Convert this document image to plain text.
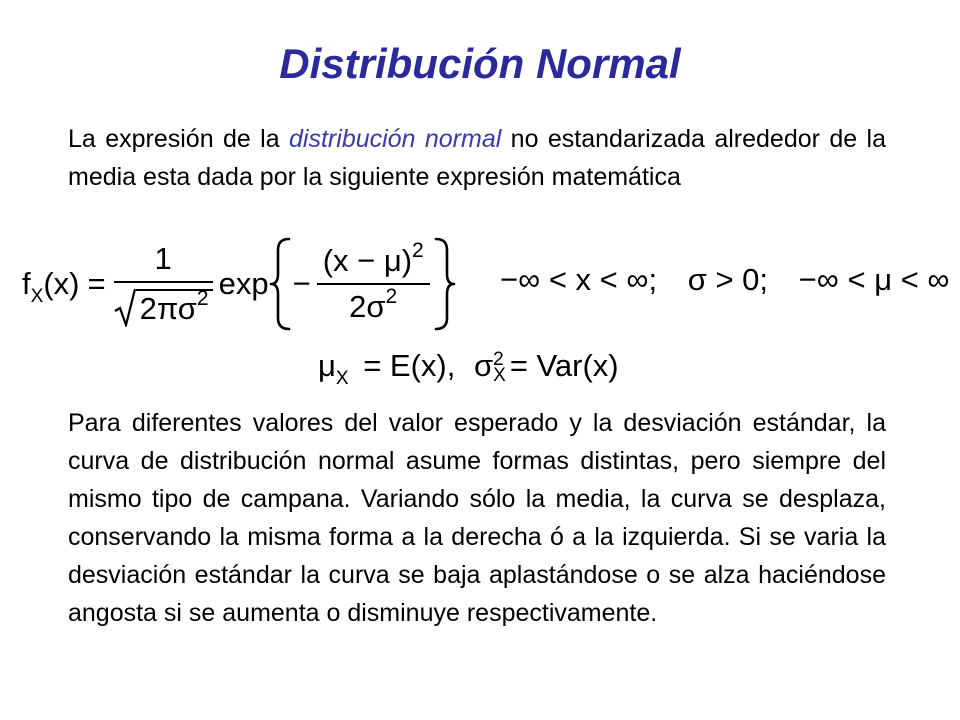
Distribución Normal
La expresión de la distribución normal no estandarizada alrededor de la media esta dada por la siguiente expresión matemática
$f_X(x) = \frac{1}{2\pi\sigma^2}$ $\exp - \frac{(x - \mu)^2}{2\sigma^2}$ −∞ < x < ∞; σ > 0; −∞ < μ < ∞
$\mu_X = E(x)$, σ 2
X = Var(x)
Para diferentes valores del valor esperado y la desviación estándar, la curva de distribución normal asume formas distintas, pero siempre del mismo tipo de campana. Variando sólo la media, la curva se desplaza, conservando la misma forma a la derecha ó a la izquierda. Si se varia la desviación estándar la curva se baja aplastándose o se alza haciéndose angosta si se aumenta o disminuye respectivamente.
